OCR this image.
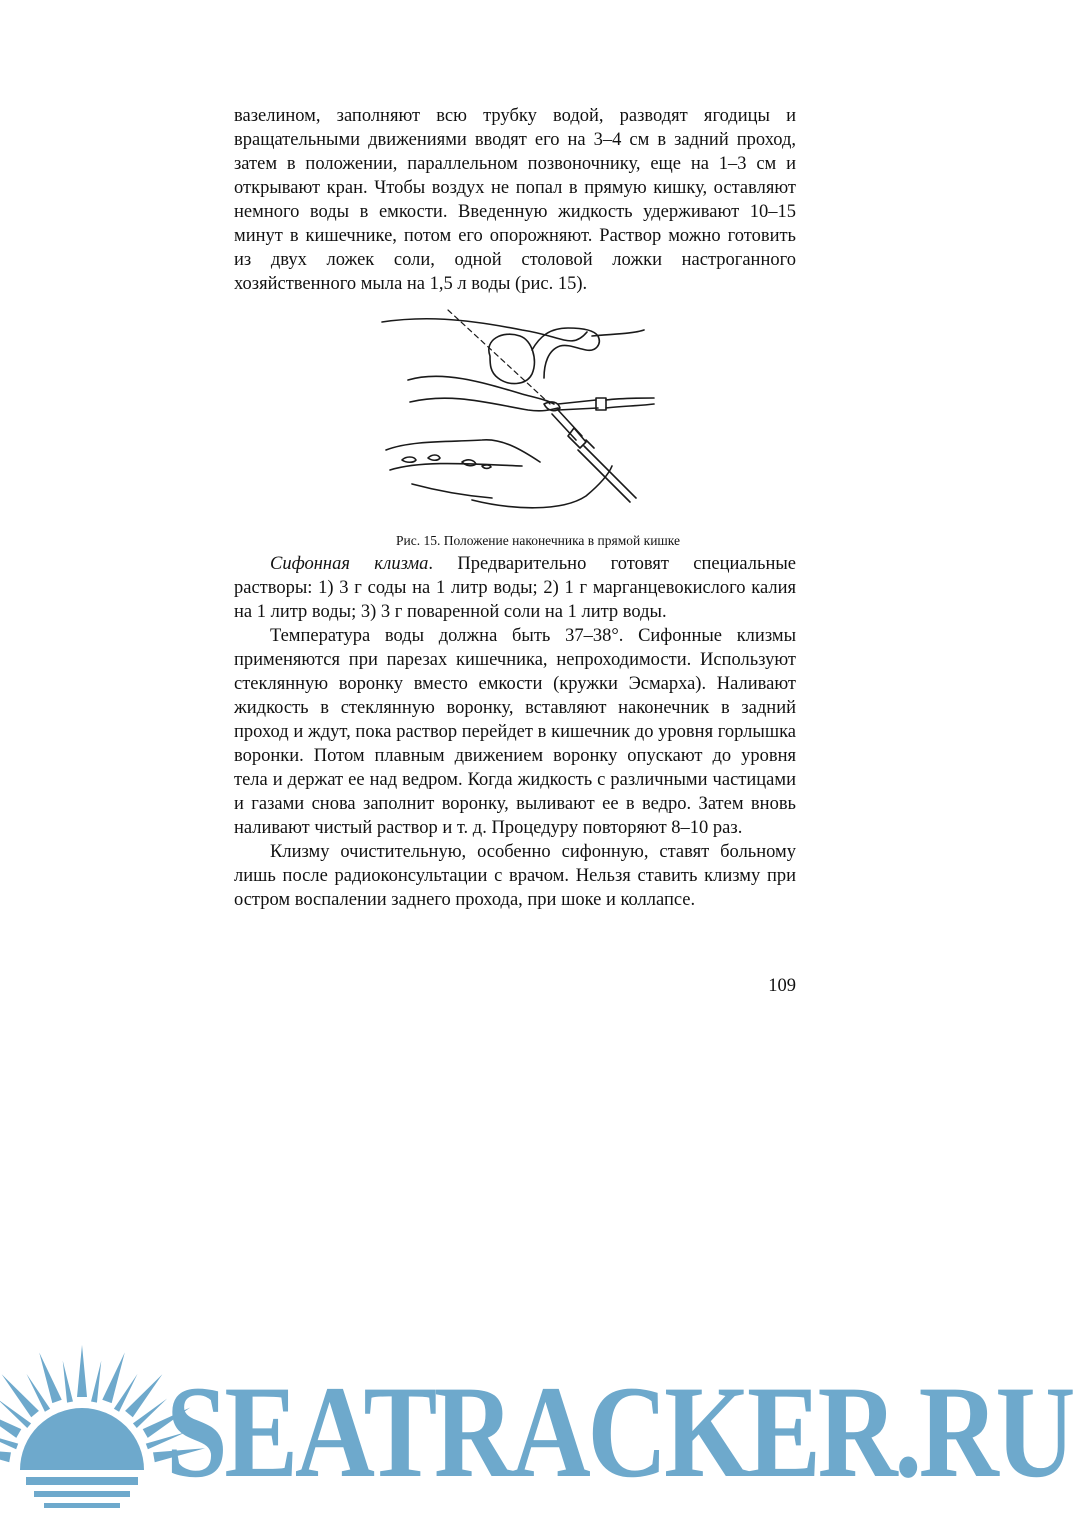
вазелином, заполняют всю трубку водой, разводят ягодицы и вращательными движениями вводят его на 3–4 см в задний проход, затем в положении, параллельном позвоночнику, еще на 1–3 см и открывают кран. Чтобы воздух не попал в прямую кишку, оставляют немного воды в емкости. Введенную жидкость удерживают 10–15 минут в кишечнике, потом его опорожняют. Раствор можно готовить из двух ложек соли, одной столовой ложки настроганного хозяйственного мыла на 1,5 л воды (рис. 15).

Рис. 15. Положение наконечника в прямой кишке

Сифонная клизма. Предварительно готовят специальные растворы: 1) 3 г соды на 1 литр воды; 2) 1 г марганцевокислого калия на 1 литр воды; 3) 3 г поваренной соли на 1 литр воды.

Температура воды должна быть 37–38°. Сифонные клизмы применяются при парезах кишечника, непроходимости. Используют стеклянную воронку вместо емкости (кружки Эсмарха). Наливают жидкость в стеклянную воронку, вставляют наконечник в задний проход и ждут, пока раствор перейдет в кишечник до уровня горлышка воронки. Потом плавным движением воронку опускают до уровня тела и держат ее над ведром. Когда жидкость с различными частицами и газами снова заполнит воронку, выливают ее в ведро. Затем вновь наливают чистый раствор и т. д. Процедуру повторяют 8–10 раз.

Клизму очистительную, особенно сифонную, ставят больному лишь после радиоконсультации с врачом. Нельзя ставить клизму при остром воспалении заднего прохода, при шоке и коллапсе.

109
SEATRACKER.RU
